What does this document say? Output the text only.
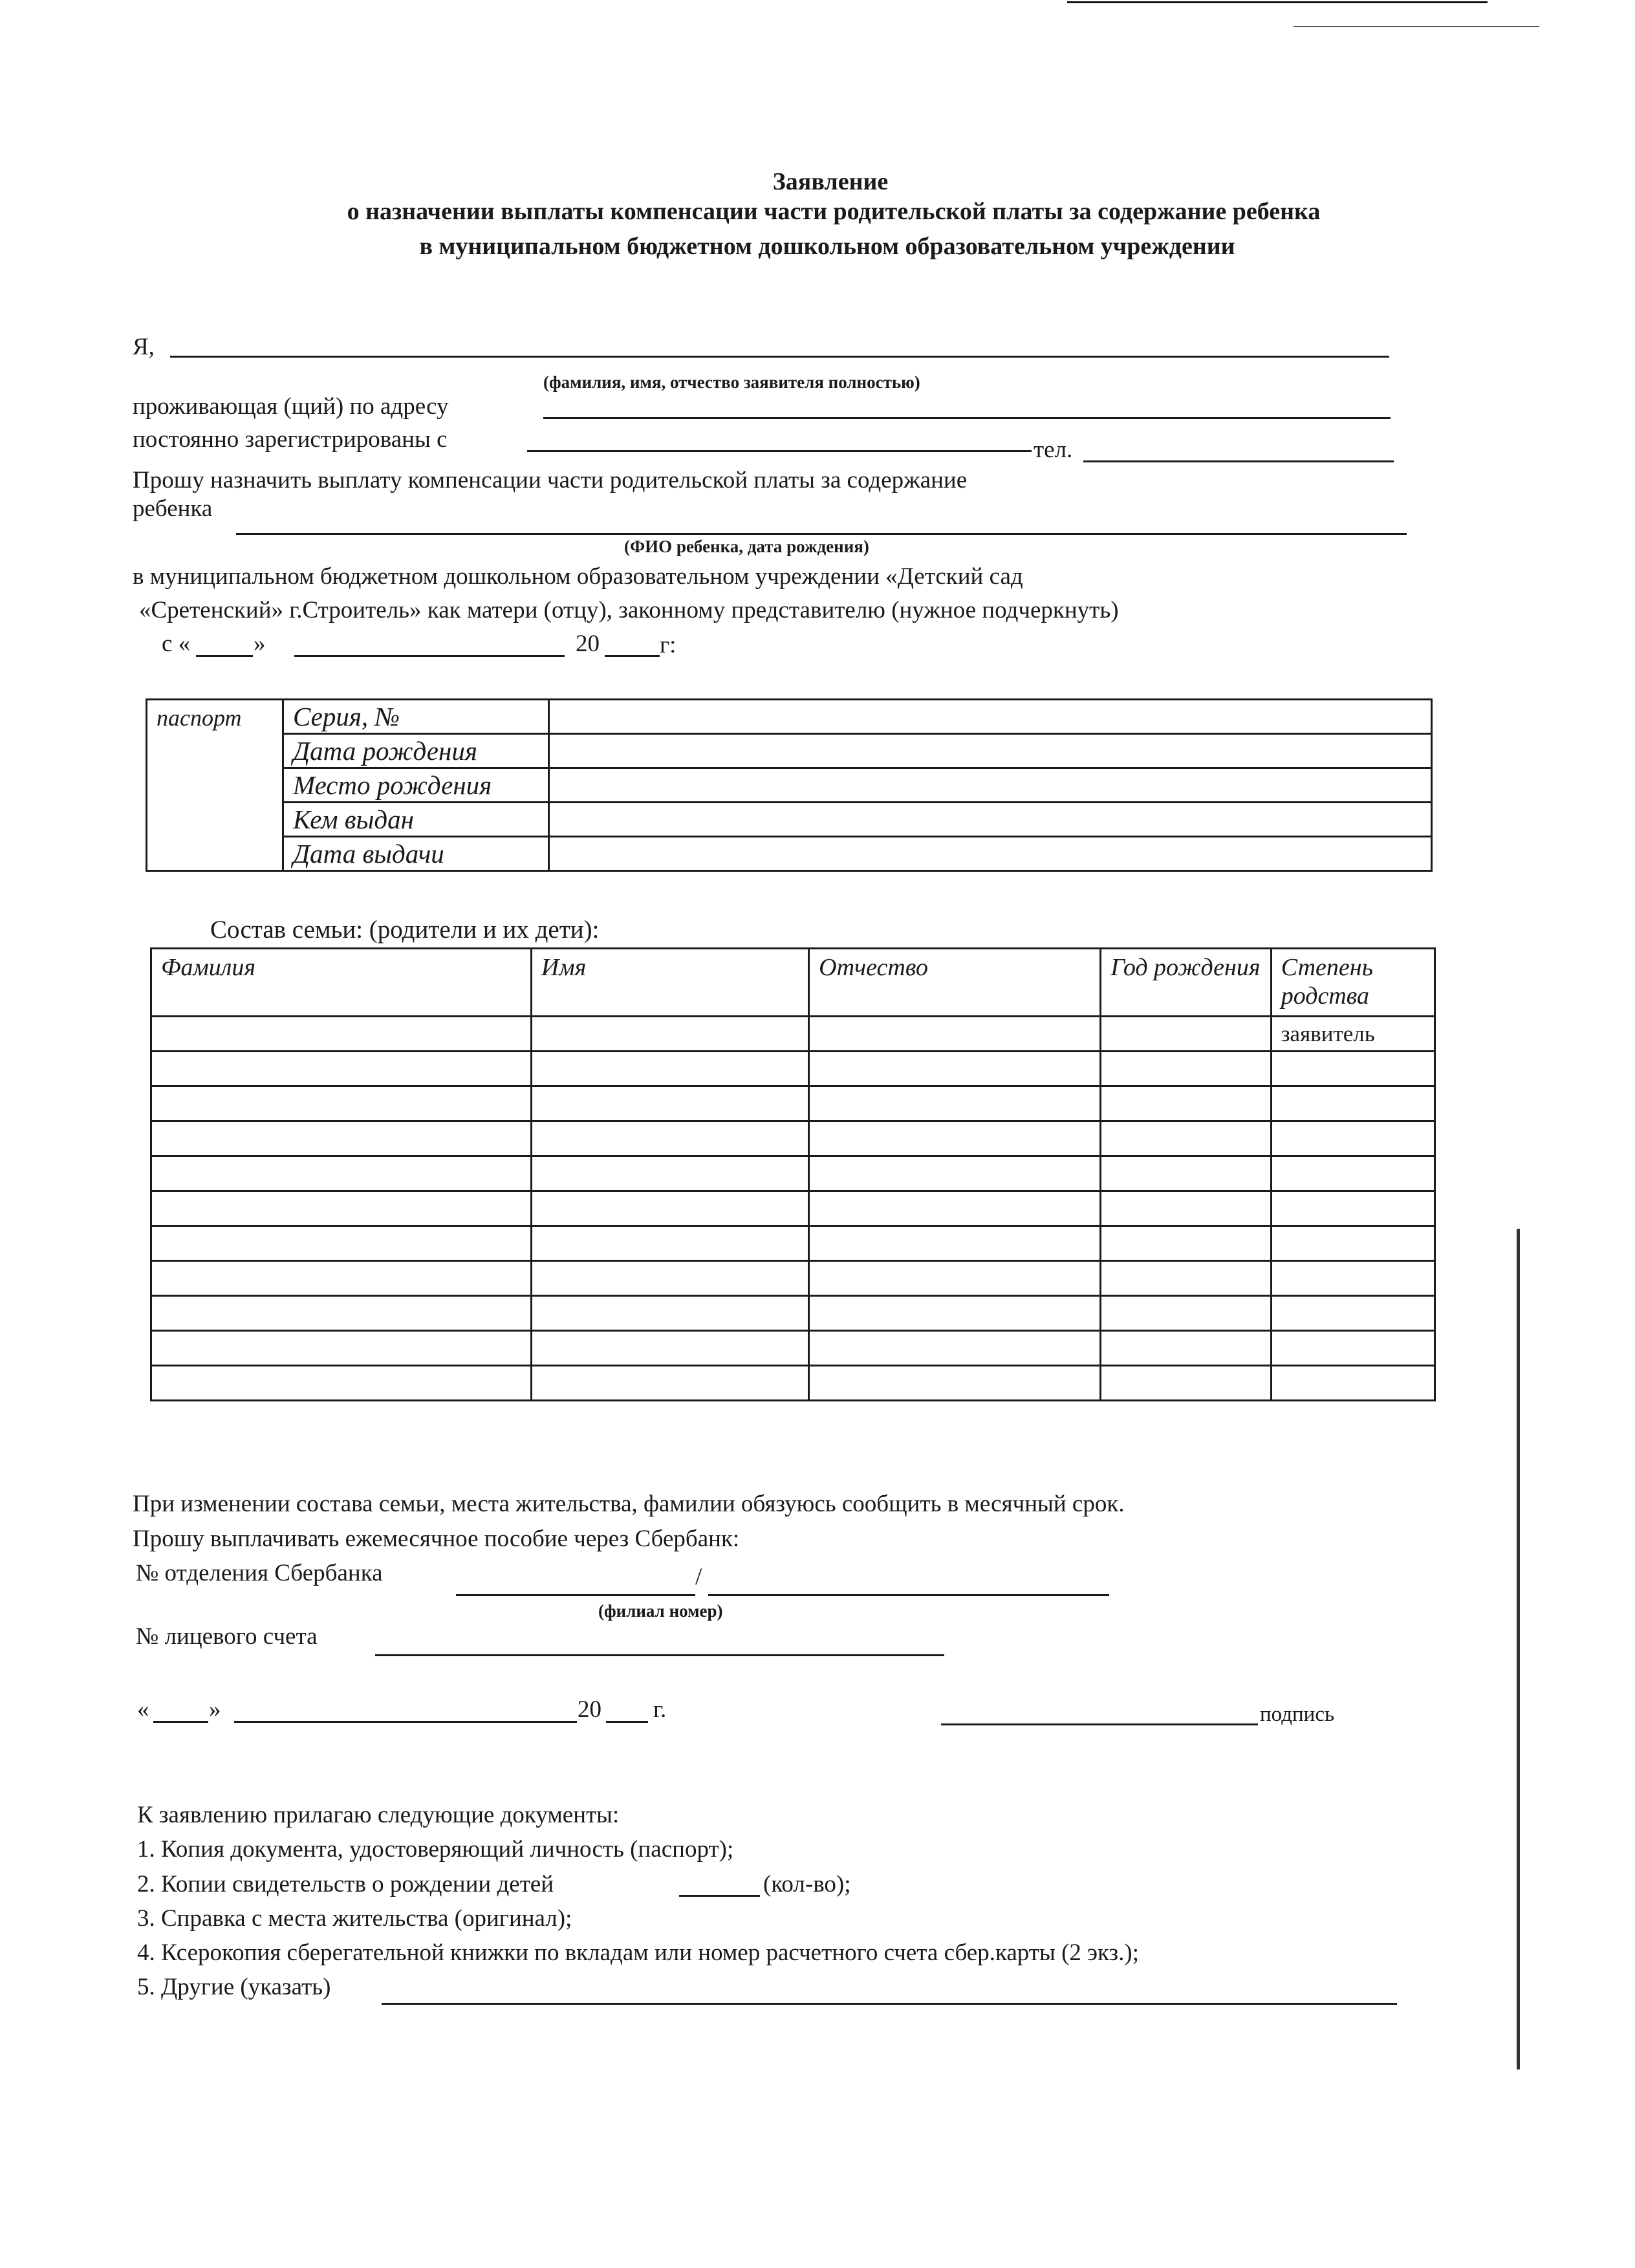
Заявление
о назначении выплаты компенсации части родительской платы за содержание ребенка
в муниципальном бюджетном дошкольном образовательном учреждении
Я,
(фамилия, имя, отчество заявителя полностью)
проживающая (щий) по адресу
постоянно зарегистрированы с	тел.
Прошу назначить выплату компенсации части родительской платы за содержание
ребенка
(ФИО ребенка, дата рождения)
в муниципальном бюджетном дошкольном образовательном учреждении «Детский сад
«Сретенский» г.Строитель» как матери (отцу), законному представителю (нужное подчеркнуть)
с «	»	20	г:
паспорт	Серия, №	
	Дата рождения	
	Место рождения	
	Кем выдан	
	Дата выдачи	
Состав семьи: (родители и их дети):
Фамилия	Имя	Отчество	Год рождения	Степень родства
				заявитель

При изменении состава семьи, места жительства, фамилии обязуюсь сообщить в месячный срок.
Прошу выплачивать ежемесячное пособие через Сбербанк:
№ отделения Сбербанка	/
(филиал номер)
№ лицевого счета
«	»	20 г.	подпись
К заявлению прилагаю следующие документы:
1. Копия документа, удостоверяющий личность (паспорт);
2. Копии свидетельств о рождении детей	(кол-во);
3. Справка с места жительства (оригинал);
4. Ксерокопия сберегательной книжки по вкладам или номер расчетного счета сбер.карты (2 экз.);
5. Другие (указать)
